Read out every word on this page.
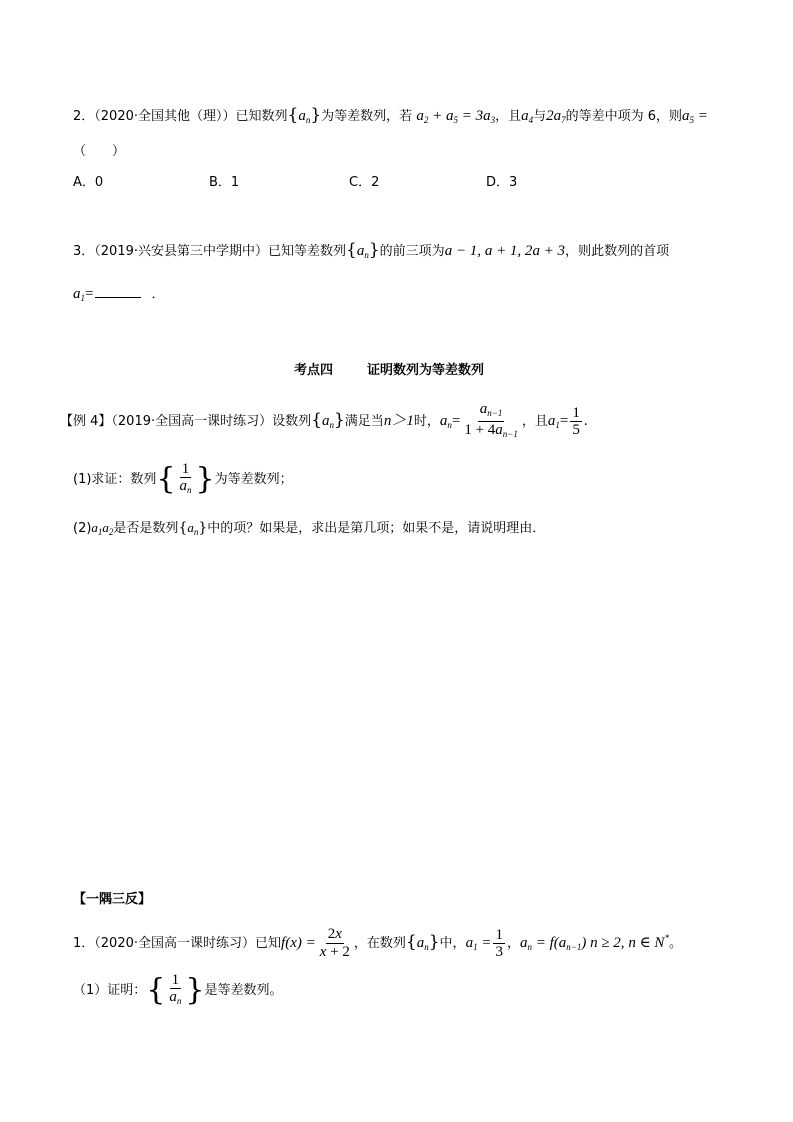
2．（2020·全国其他（理））已知数列$\{a_n\}$为等差数列，若 $a_2 + a_5 = 3a_3$，且$a_4$与$2a_7$的等差中项为 6，则$a_5$ =
（　　）
A．0	B．1	C．2	D．3
3．（2019·兴安县第三中学期中）已知等差数列$\{a_n\}$的前三项为a − 1, a + 1, 2a + 3，则此数列的首项
$a_1=$	．
考点四	证明数列为等差数列
【例 4】（2019·全国高一课时练习）设数列$\{a_n\}$满足当n＞1时，$a_n= \frac{a_{n-1}}{1 + 4a_{n-1}}$ ，且$a_1= \frac{1}{5}$ .
(1)求证：数列{ $\frac{1}{a_n}$ }为等差数列；
$(2)a_1a_2$是否是数列$\{a_n\}$中的项？如果是，求出是第几项；如果不是，请说明理由．
【一隅三反】
1．（2020·全国高一课时练习）已知$f(x) = \frac{2x}{x + 2}$ ，在数列$\{a_n\}$中，$a_1 = \frac{1}{3}$ ，$a_n = f(a_{n-1}) n \ge 2$, n ∈ N*。
（1）证明：{ $\frac{1}{a_n}$ }是等差数列。
